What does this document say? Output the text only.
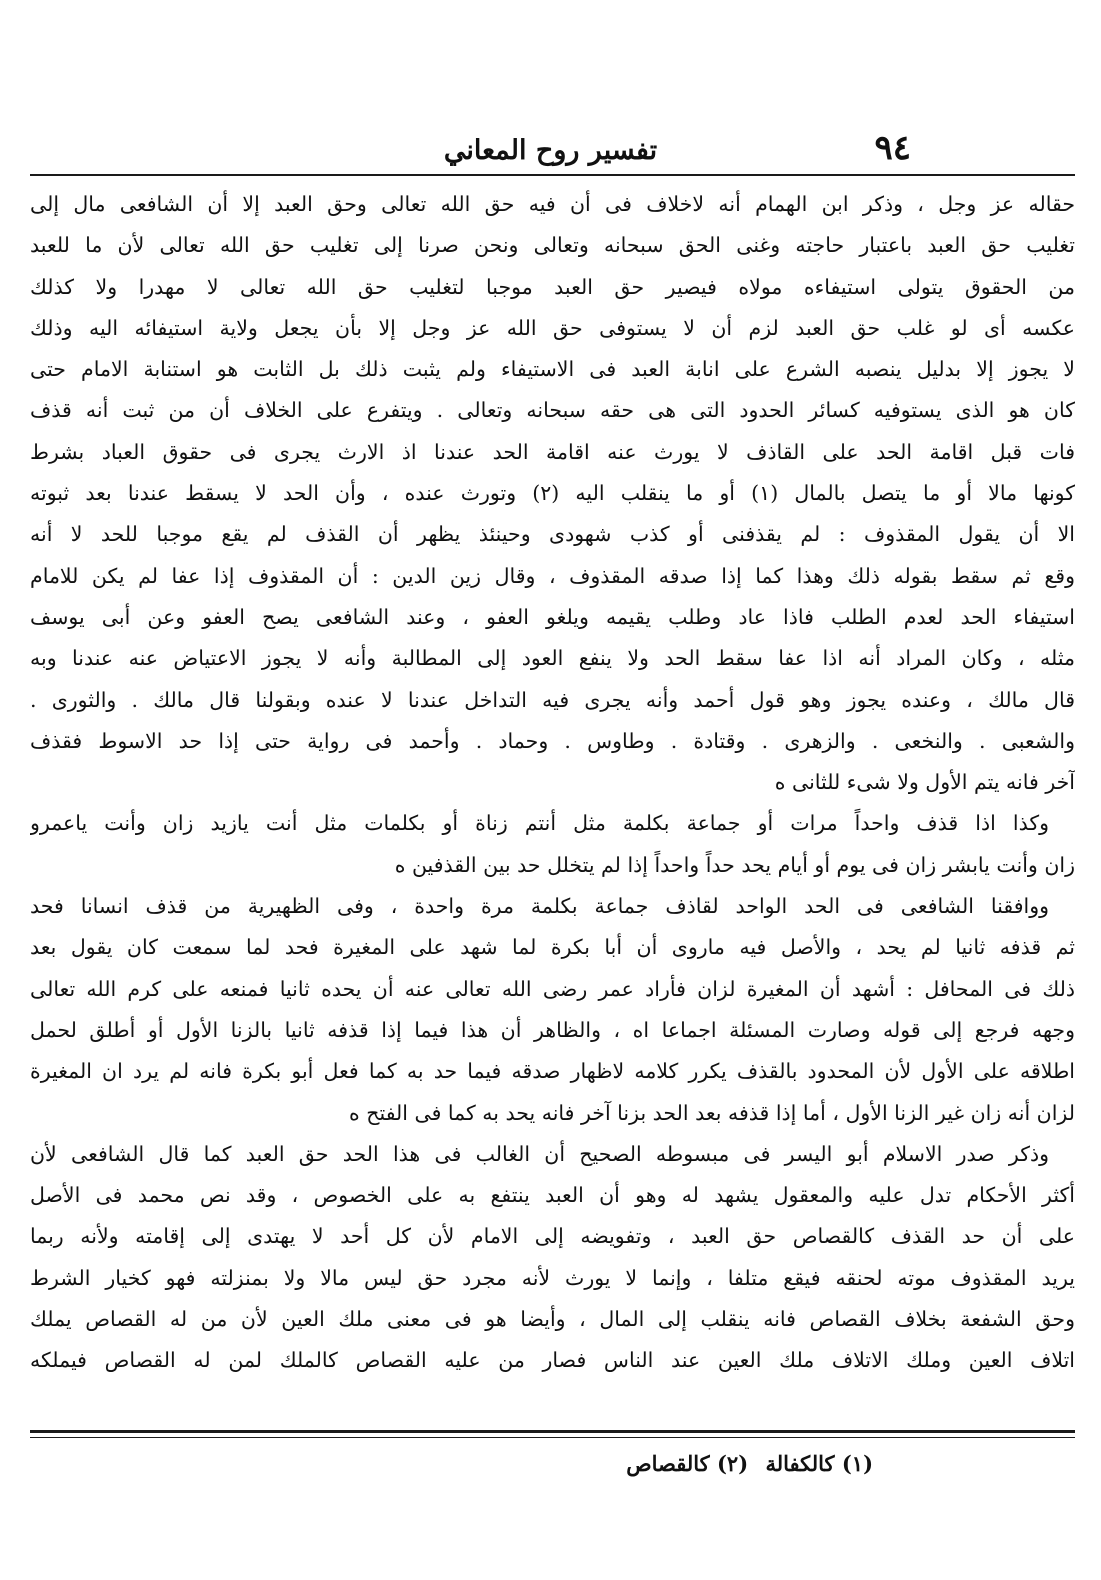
٩٤
تفسير روح المعاني
حقاله عز وجل ، وذكر ابن الهمام أنه لاخلاف فى أن فيه حق الله تعالى وحق العبد إلا أن الشافعى مال إلى
تغليب حق العبد باعتبار حاجته وغنى الحق سبحانه وتعالى ونحن صرنا إلى تغليب حق الله تعالى لأن ما للعبد
من الحقوق يتولى استيفاءه مولاه فيصير حق العبد موجبا لتغليب حق الله تعالى لا مهدرا ولا كذلك
عكسه أى لو غلب حق العبد لزم أن لا يستوفى حق الله عز وجل إلا بأن يجعل ولاية استيفائه اليه وذلك
لا يجوز إلا بدليل ينصبه الشرع على انابة العبد فى الاستيفاء ولم يثبت ذلك بل الثابت هو استنابة الامام حتى
كان هو الذى يستوفيه كسائر الحدود التى هى حقه سبحانه وتعالى . ويتفرع على الخلاف أن من ثبت أنه قذف
فات قبل اقامة الحد على القاذف لا يورث عنه اقامة الحد عندنا اذ الارث يجرى فى حقوق العباد بشرط
كونها مالا أو ما يتصل بالمال (١) أو ما ينقلب اليه (٢) وتورث عنده ، وأن الحد لا يسقط عندنا بعد ثبوته
الا أن يقول المقذوف : لم يقذفنى أو كذب شهودى وحينئذ يظهر أن القذف لم يقع موجبا للحد لا أنه
وقع ثم سقط بقوله ذلك وهذا كما إذا صدقه المقذوف ، وقال زين الدين : أن المقذوف إذا عفا لم يكن للامام
استيفاء الحد لعدم الطلب فاذا عاد وطلب يقيمه ويلغو العفو ، وعند الشافعى يصح العفو وعن أبى يوسف
مثله ، وكان المراد أنه اذا عفا سقط الحد ولا ينفع العود إلى المطالبة وأنه لا يجوز الاعتياض عنه عندنا وبه
قال مالك ، وعنده يجوز وهو قول أحمد وأنه يجرى فيه التداخل عندنا لا عنده وبقولنا قال مالك . والثورى .
والشعبى . والنخعى . والزهرى . وقتادة . وطاوس . وحماد . وأحمد فى رواية حتى إذا حد الاسوط فقذف
آخر فانه يتم الأول ولا شىء للثانى ‌‌‌‌‌‌‌‌‌‌ه
وكذا اذا قذف واحداً مرات أو جماعة بكلمة مثل أنتم زناة أو بكلمات مثل أنت يازيد زان وأنت ياعمرو
زان وأنت يابشر زان فى يوم أو أيام يحد حداً واحداً إذا لم يتخلل حد بين القذفين ه
ووافقنا الشافعى فى الحد الواحد لقاذف جماعة بكلمة مرة واحدة ، وفى الظهيرية من قذف انسانا فحد
ثم قذفه ثانيا لم يحد ، والأصل فيه ماروى أن أبا بكرة لما شهد على المغيرة فحد لما سمعت كان يقول بعد
ذلك فى المحافل : أشهد أن المغيرة لزان فأراد عمر رضى الله تعالى عنه أن يحده ثانيا فمنعه على كرم الله تعالى
وجهه فرجع إلى قوله وصارت المسئلة اجماعا اه ، والظاهر أن هذا فيما إذا قذفه ثانيا بالزنا الأول أو أطلق لحمل
اطلاقه على الأول لأن المحدود بالقذف يكرر كلامه لاظهار صدقه فيما حد به كما فعل أبو بكرة فانه لم يرد ان المغيرة
لزان أنه زان غير الزنا الأول ، أما إذا قذفه بعد الحد بزنا آخر فانه يحد به كما فى الفتح ه
وذكر صدر الاسلام أبو اليسر فى مبسوطه الصحيح أن الغالب فى هذا الحد حق العبد كما قال الشافعى لأن
أكثر الأحكام تدل عليه والمعقول يشهد له وهو أن العبد ينتفع به على الخصوص ، وقد نص محمد فى الأصل
على أن حد القذف كالقصاص حق العبد ، وتفويضه إلى الامام لأن كل أحد لا يهتدى إلى إقامته ولأنه ربما
يريد المقذوف موته لحنقه فيقع متلفا ، وإنما لا يورث لأنه مجرد حق ليس مالا ولا بمنزلته فهو كخيار الشرط
وحق الشفعة بخلاف القصاص فانه ينقلب إلى المال ، وأيضا هو فى معنى ملك العين لأن من له القصاص يملك
اتلاف العين وملك الاتلاف ملك العين عند الناس فصار من عليه القصاص كالملك لمن له القصاص فيملكه
(١) كالكفالة (٢) كالقصاص
